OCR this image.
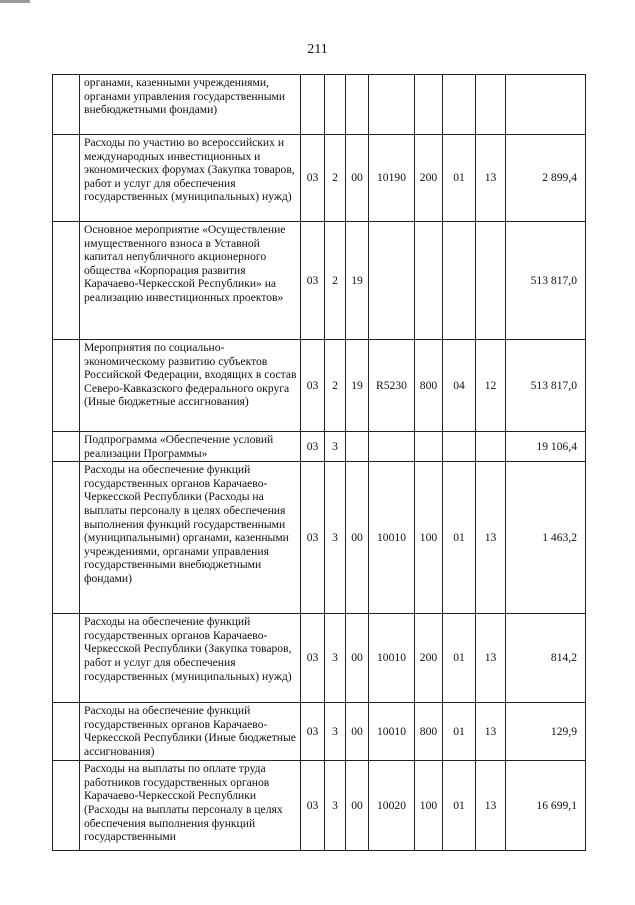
211
	органами, казенными учреждениями, органами управления государственными внебюджетными фондами)								
	Расходы по участию во всероссийских и международных инвестиционных и экономических форумах (Закупка товаров, работ и услуг для обеспечения государственных (муниципальных) нужд)	03	2	00	10190	200	01	13	2 899,4
	Основное мероприятие «Осуществление имущественного взноса в Уставной капитал непубличного акционерного общества «Корпорация развития Карачаево-Черкесской Республики» на реализацию инвестиционных проектов»	03	2	19					513 817,0
	Мероприятия по социально-экономическому развитию субъектов Российской Федерации, входящих в состав Северо-Кавказского федерального округа (Иные бюджетные ассигнования)	03	2	19	R5230	800	04	12	513 817,0
	Подпрограмма «Обеспечение условий реализации Программы»	03	3						19 106,4
	Расходы на обеспечение функций государственных органов Карачаево-Черкесской Республики (Расходы на выплаты персоналу в целях обеспечения выполнения функций государственными (муниципальными) органами, казенными учреждениями, органами управления государственными внебюджетными фондами)	03	3	00	10010	100	01	13	1 463,2
	Расходы на обеспечение функций государственных органов Карачаево-Черкесской Республики (Закупка товаров, работ и услуг для обеспечения государственных (муниципальных) нужд)	03	3	00	10010	200	01	13	814,2
	Расходы на обеспечение функций государственных органов Карачаево-Черкесской Республики (Иные бюджетные ассигнования)	03	3	00	10010	800	01	13	129,9
	Расходы на выплаты по оплате труда работников государственных органов Карачаево-Черкесской Республики (Расходы на выплаты персоналу в целях обеспечения выполнения функций государственными	03	3	00	10020	100	01	13	16 699,1
